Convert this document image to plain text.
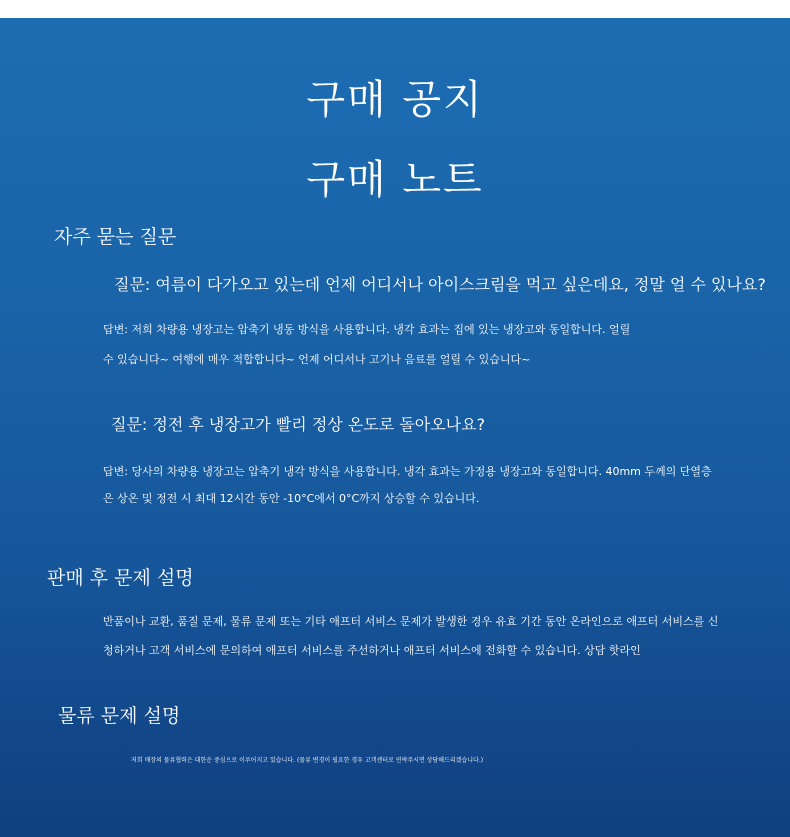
구매 공지
구매 노트
자주 묻는 질문
질문: 여름이 다가오고 있는데 언제 어디서나 아이스크림을 먹고 싶은데요, 정말 얼 수 있나요?
답변: 저희 차량용 냉장고는 압축기 냉동 방식을 사용합니다. 냉각 효과는 집에 있는 냉장고와 동일합니다. 얼릴
수 있습니다~ 여행에 매우 적합합니다~ 언제 어디서나 고기나 음료를 얼릴 수 있습니다~
질문: 정전 후 냉장고가 빨리 정상 온도로 돌아오나요?
답변: 당사의 차량용 냉장고는 압축기 냉각 방식을 사용합니다. 냉각 효과는 가정용 냉장고와 동일합니다. 40mm 두께의 단열층
은 상온 및 정전 시 최대 12시간 동안 -10°C에서 0°C까지 상승할 수 있습니다.
판매 후 문제 설명
반품이나 교환, 품질 문제, 물류 문제 또는 기타 애프터 서비스 문제가 발생한 경우 유효 기간 동안 온라인으로 애프터 서비스를 신
청하거나 고객 서비스에 문의하여 애프터 서비스를 주선하거나 애프터 서비스에 전화할 수 있습니다. 상담 핫라인
물류 문제 설명
저희 매장의 물류협력은 대한운 중심으로 이루어지고 있습니다. (물류 변경이 필요한 경우 고객센터로 연락주시면 상담해드리겠습니다.)
